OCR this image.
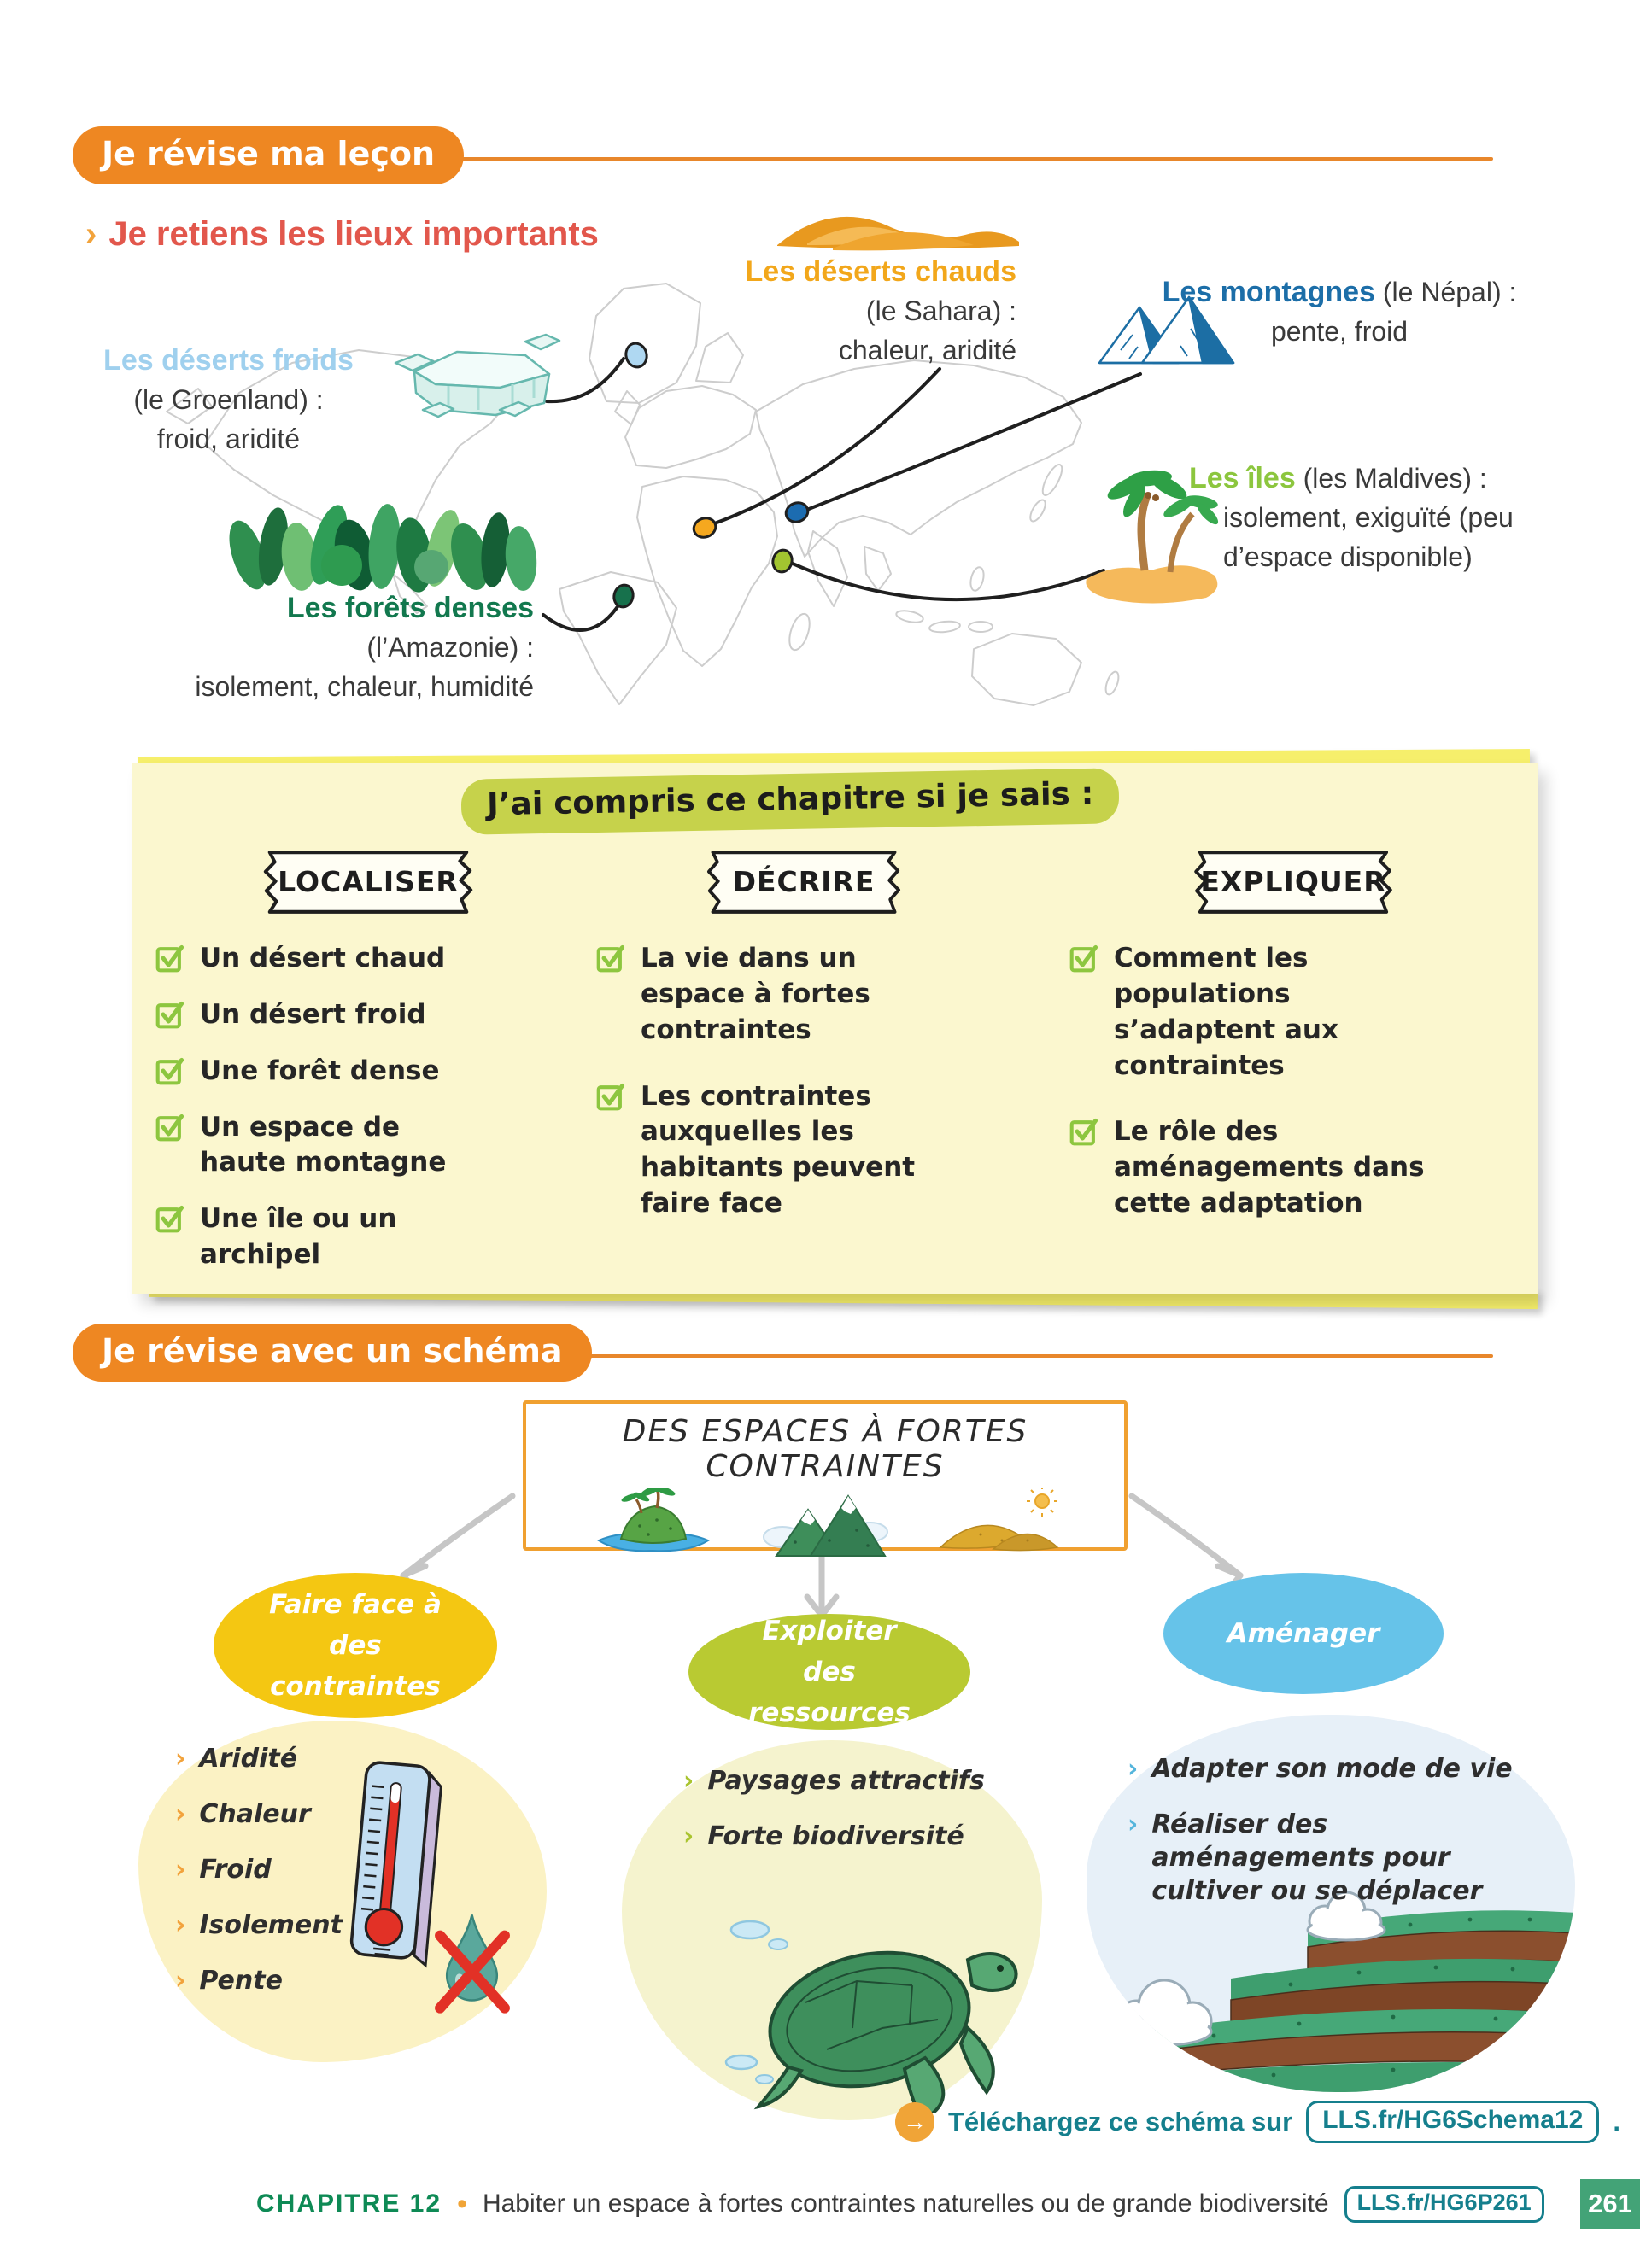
Je révise ma leçon
› Je retiens les lieux importants
Les déserts froids
(le Groenland) :
froid, aridité
Les déserts chauds
(le Sahara) :
chaleur, aridité
Les montagnes (le Népal) :
pente, froid
Les îles (les Maldives) :
isolement, exiguïté (peu d’espace disponible)
Les forêts denses
(l’Amazonie) :
isolement, chaleur, humidité
J’ai compris ce chapitre si je sais :
LOCALISER	DÉCRIRE	EXPLIQUER
Un désert chaud
Un désert froid
Une forêt dense
Un espace de haute montagne
Une île ou un archipel
La vie dans un espace à fortes contraintes
Les contraintes auxquelles les habitants peuvent faire face
Comment les populations s’adaptent aux contraintes
Le rôle des aménagements dans cette adaptation
Je révise avec un schéma
DES ESPACES À FORTES CONTRAINTES
Faire face à des contraintes
Exploiter des ressources
Aménager
› Aridité
› Chaleur
› Froid
› Isolement
› Pente
› Paysages attractifs
› Forte biodiversité
› Adapter son mode de vie
› Réaliser des aménagements pour cultiver ou se déplacer
→ Téléchargez ce schéma sur	LLS.fr/HG6Schema12	.
CHAPITRE 12 • Habiter un espace à fortes contraintes naturelles ou de grande biodiversité	LLS.fr/HG6P261	261
